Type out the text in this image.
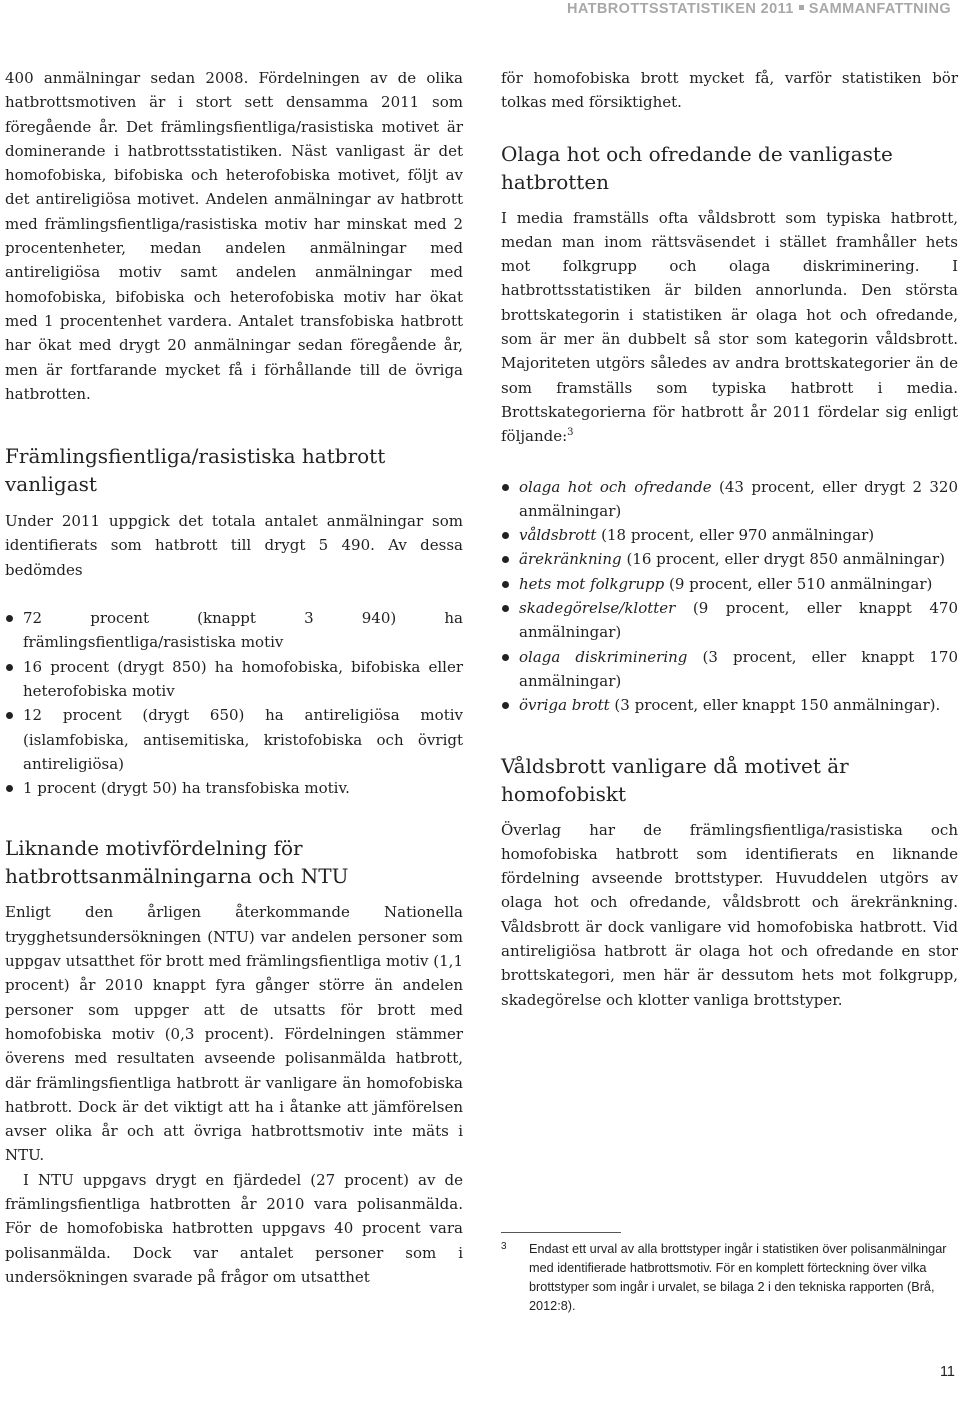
HATBROTTSSTATISTIKEN 2011 SAMMANFATTNING

400 anmälningar sedan 2008. Fördelningen av de olika hatbrottsmotiven är i stort sett densamma 2011 som föregående år. Det främlingsfientliga/rasistiska motivet är dominerande i hatbrottsstatistiken. Näst vanligast är det homofobiska, bifobiska och heterofobiska motivet, följt av det antireligiösa motivet. Andelen anmälningar av hatbrott med främlingsfientliga/rasistiska motiv har minskat med 2 procentenheter, medan andelen anmälningar med antireligiösa motiv samt andelen anmälningar med homofobiska, bifobiska och heterofobiska motiv har ökat med 1 procentenhet vardera. Antalet transfobiska hatbrott har ökat med drygt 20 anmälningar sedan föregående år, men är fortfarande mycket få i förhållande till de övriga hatbrotten.

Främlingsfientliga/rasistiska hatbrott vanligast

Under 2011 uppgick det totala antalet anmälningar som identifierats som hatbrott till drygt 5 490. Av dessa bedömdes

72 procent (knappt 3 940) ha främlingsfientliga/rasistiska motiv
16 procent (drygt 850) ha homofobiska, bifobiska eller heterofobiska motiv
12 procent (drygt 650) ha antireligiösa motiv (islamfobiska, antisemitiska, kristofobiska och övrigt antireligiösa)
1 procent (drygt 50) ha transfobiska motiv.
Liknande motivfördelning för hatbrottsanmälningarna och NTU

Enligt den årligen återkommande Nationella trygghetsundersökningen (NTU) var andelen personer som uppgav utsatthet för brott med främlingsfientliga motiv (1,1 procent) år 2010 knappt fyra gånger större än andelen personer som uppger att de utsatts för brott med homofobiska motiv (0,3 procent). Fördelningen stämmer överens med resultaten avseende polisanmälda hatbrott, där främlingsfientliga hatbrott är vanligare än homofobiska hatbrott. Dock är det viktigt att ha i åtanke att jämförelsen avser olika år och att övriga hatbrottsmotiv inte mäts i NTU.

I NTU uppgavs drygt en fjärdedel (27 procent) av de främlingsfientliga hatbrotten år 2010 vara polisanmälda. För de homofobiska hatbrotten uppgavs 40 procent vara polisanmälda. Dock var antalet personer som i undersökningen svarade på frågor om utsatthet

för homofobiska brott mycket få, varför statistiken bör tolkas med försiktighet.

Olaga hot och ofredande de vanligaste hatbrotten

I media framställs ofta våldsbrott som typiska hatbrott, medan man inom rättsväsendet i stället framhåller hets mot folkgrupp och olaga diskriminering. I hatbrottsstatistiken är bilden annorlunda. Den största brottskategorin i statistiken är olaga hot och ofredande, som är mer än dubbelt så stor som kategorin våldsbrott. Majoriteten utgörs således av andra brottskategorier än de som framställs som typiska hatbrott i media. Brottskategorierna för hatbrott år 2011 fördelar sig enligt följande:$^3$

olaga hot och ofredande (43 procent, eller drygt 2 320 anmälningar)
våldsbrott (18 procent, eller 970 anmälningar)
ärekränkning (16 procent, eller drygt 850 anmälningar)
hets mot folkgrupp (9 procent, eller 510 anmälningar)
skadegörelse/klotter (9 procent, eller knappt 470 anmälningar)
olaga diskriminering (3 procent, eller knappt 170 anmälningar)
övriga brott (3 procent, eller knappt 150 anmälningar).
Våldsbrott vanligare då motivet är homofobiskt

Överlag har de främlingsfientliga/rasistiska och homofobiska hatbrott som identifierats en liknande fördelning avseende brottstyper. Huvuddelen utgörs av olaga hot och ofredande, våldsbrott och ärekränkning. Våldsbrott är dock vanligare vid homofobiska hatbrott. Vid antireligiösa hatbrott är olaga hot och ofredande en stor brottskategori, men här är dessutom hets mot folkgrupp, skadegörelse och klotter vanliga brottstyper.

3 Endast ett urval av alla brottstyper ingår i statistiken över polisanmälningar med identifierade hatbrottsmotiv. För en komplett förteckning över vilka brottstyper som ingår i urvalet, se bilaga 2 i den tekniska rapporten (Brå, 2012:8).
11
